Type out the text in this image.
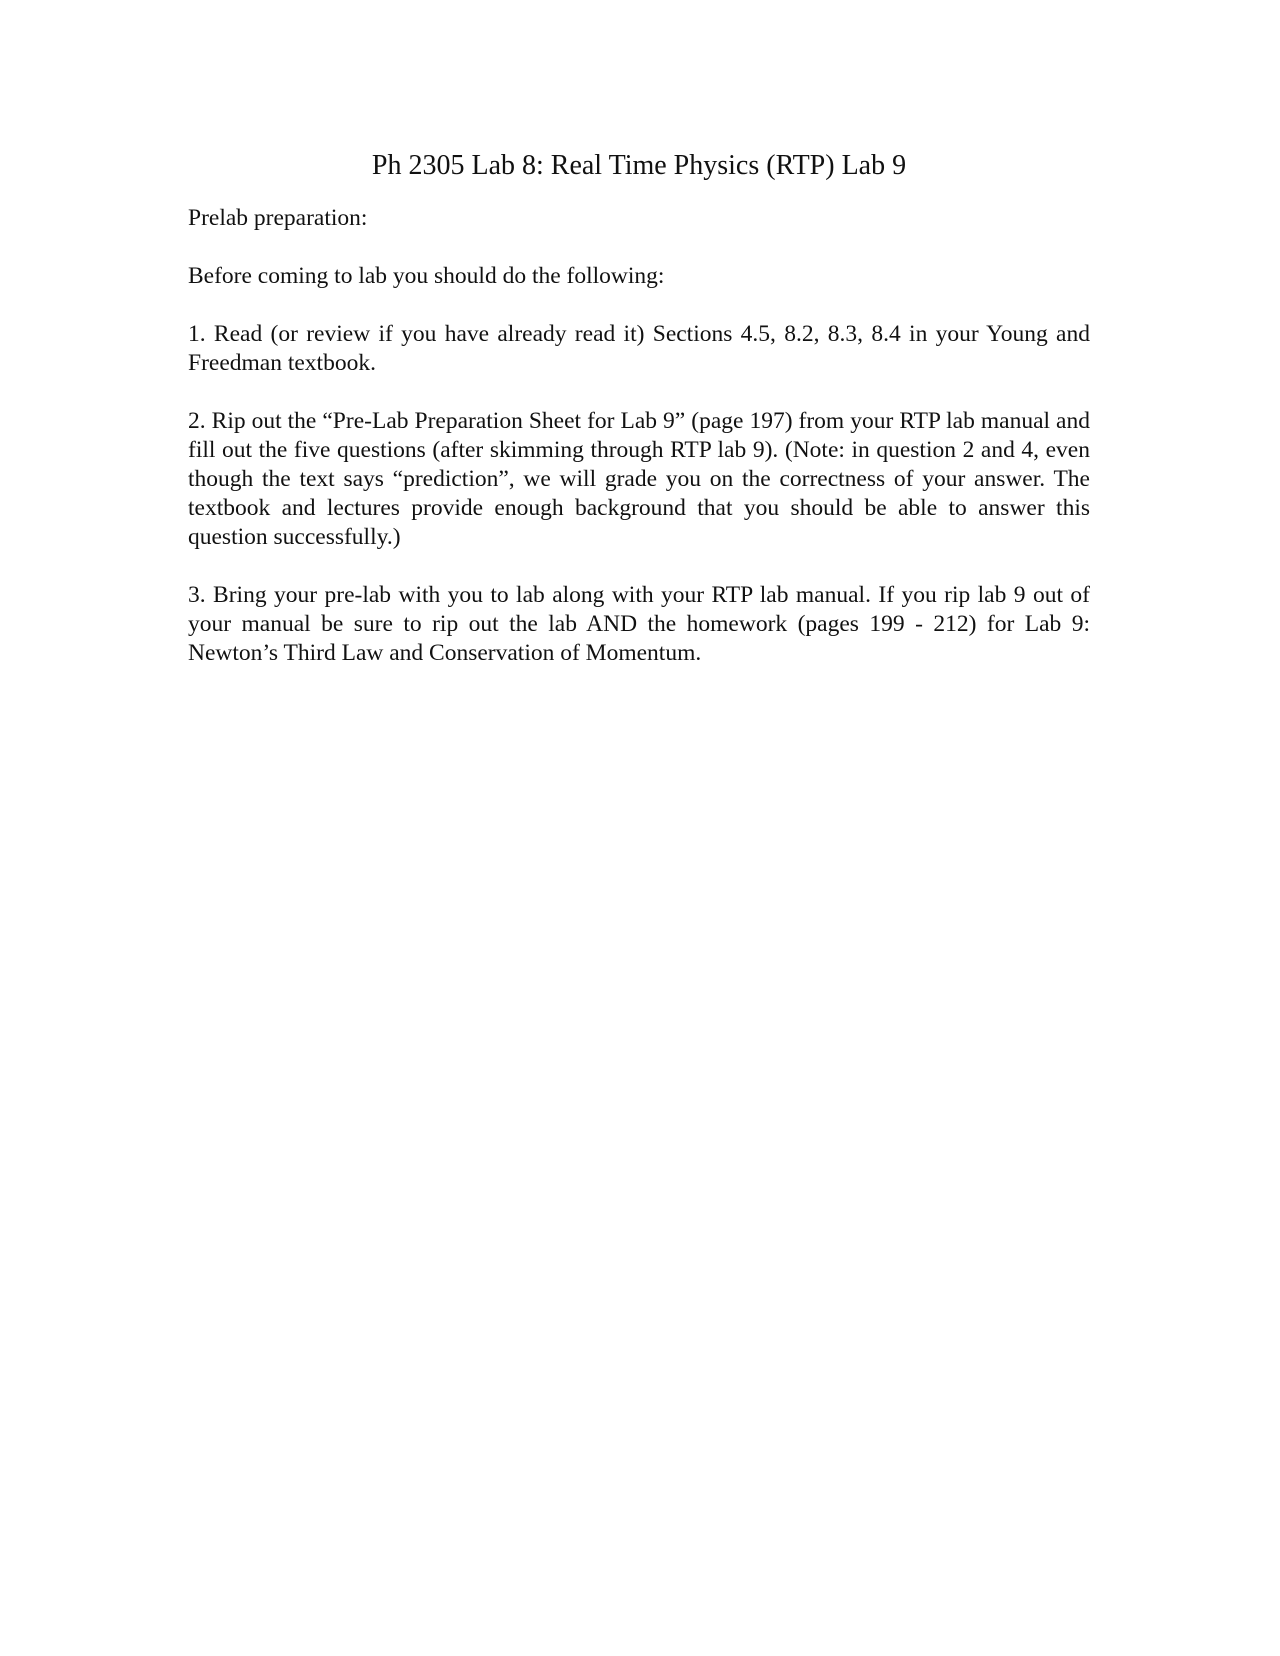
Ph 2305 Lab 8: Real Time Physics (RTP) Lab 9

Prelab preparation:

Before coming to lab you should do the following:

1. Read (or review if you have already read it) Sections 4.5, 8.2, 8.3, 8.4 in your Young and Freedman textbook.

2. Rip out the “Pre-Lab Preparation Sheet for Lab 9” (page 197) from your RTP lab manual and fill out the five questions (after skimming through RTP lab 9). (Note: in question 2 and 4, even though the text says “prediction”, we will grade you on the correctness of your answer. The textbook and lectures provide enough background that you should be able to answer this question successfully.)

3. Bring your pre-lab with you to lab along with your RTP lab manual. If you rip lab 9 out of your manual be sure to rip out the lab AND the homework (pages 199 - 212) for Lab 9: Newton’s Third Law and Conservation of Momentum.
